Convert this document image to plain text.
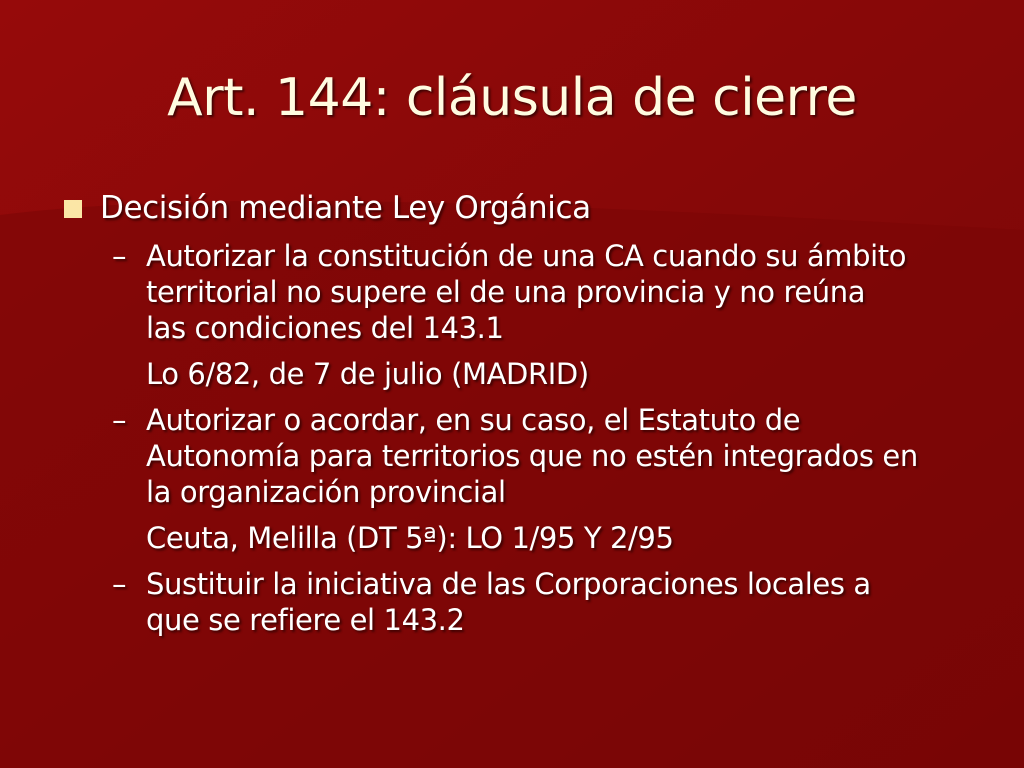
Art. 144: cláusula de cierre
Decisión mediante Ley Orgánica
– Autorizar la constitución de una CA cuando su ámbito
territorial no supere el de una provincia y no reúna
las condiciones del 143.1
Lo 6/82, de 7 de julio (MADRID)
– Autorizar o acordar, en su caso, el Estatuto de
Autonomía para territorios que no estén integrados en
la organización provincial
Ceuta, Melilla (DT 5ª): LO 1/95 Y 2/95
– Sustituir la iniciativa de las Corporaciones locales a
que se refiere el 143.2
